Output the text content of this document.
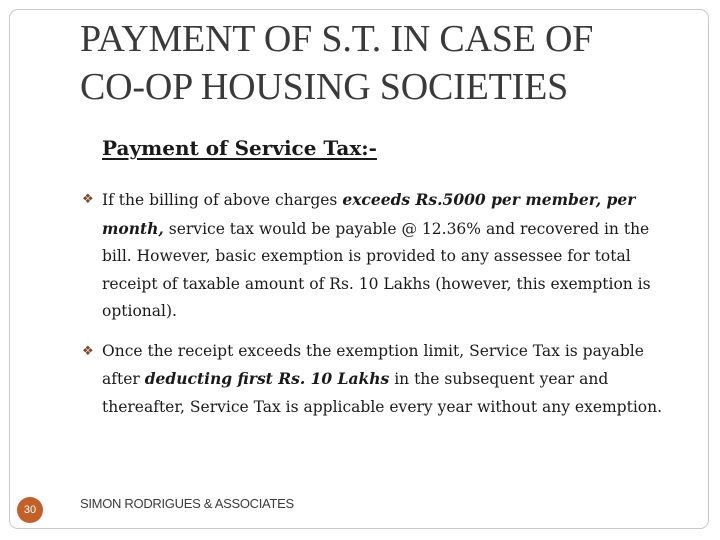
PAYMENT OF S.T. IN CASE OF
CO-OP HOUSING SOCIETIES
Payment of Service Tax:-
❖ If the billing of above charges exceeds Rs.5000 per member, per month, service tax would be payable @ 12.36% and recovered in the bill. However, basic exemption is provided to any assessee for total receipt of taxable amount of Rs. 10 Lakhs (however, this exemption is optional).
❖ Once the receipt exceeds the exemption limit, Service Tax is payable after deducting first Rs. 10 Lakhs in the subsequent year and thereafter, Service Tax is applicable every year without any exemption.
30	SIMON RODRIGUES & ASSOCIATES
